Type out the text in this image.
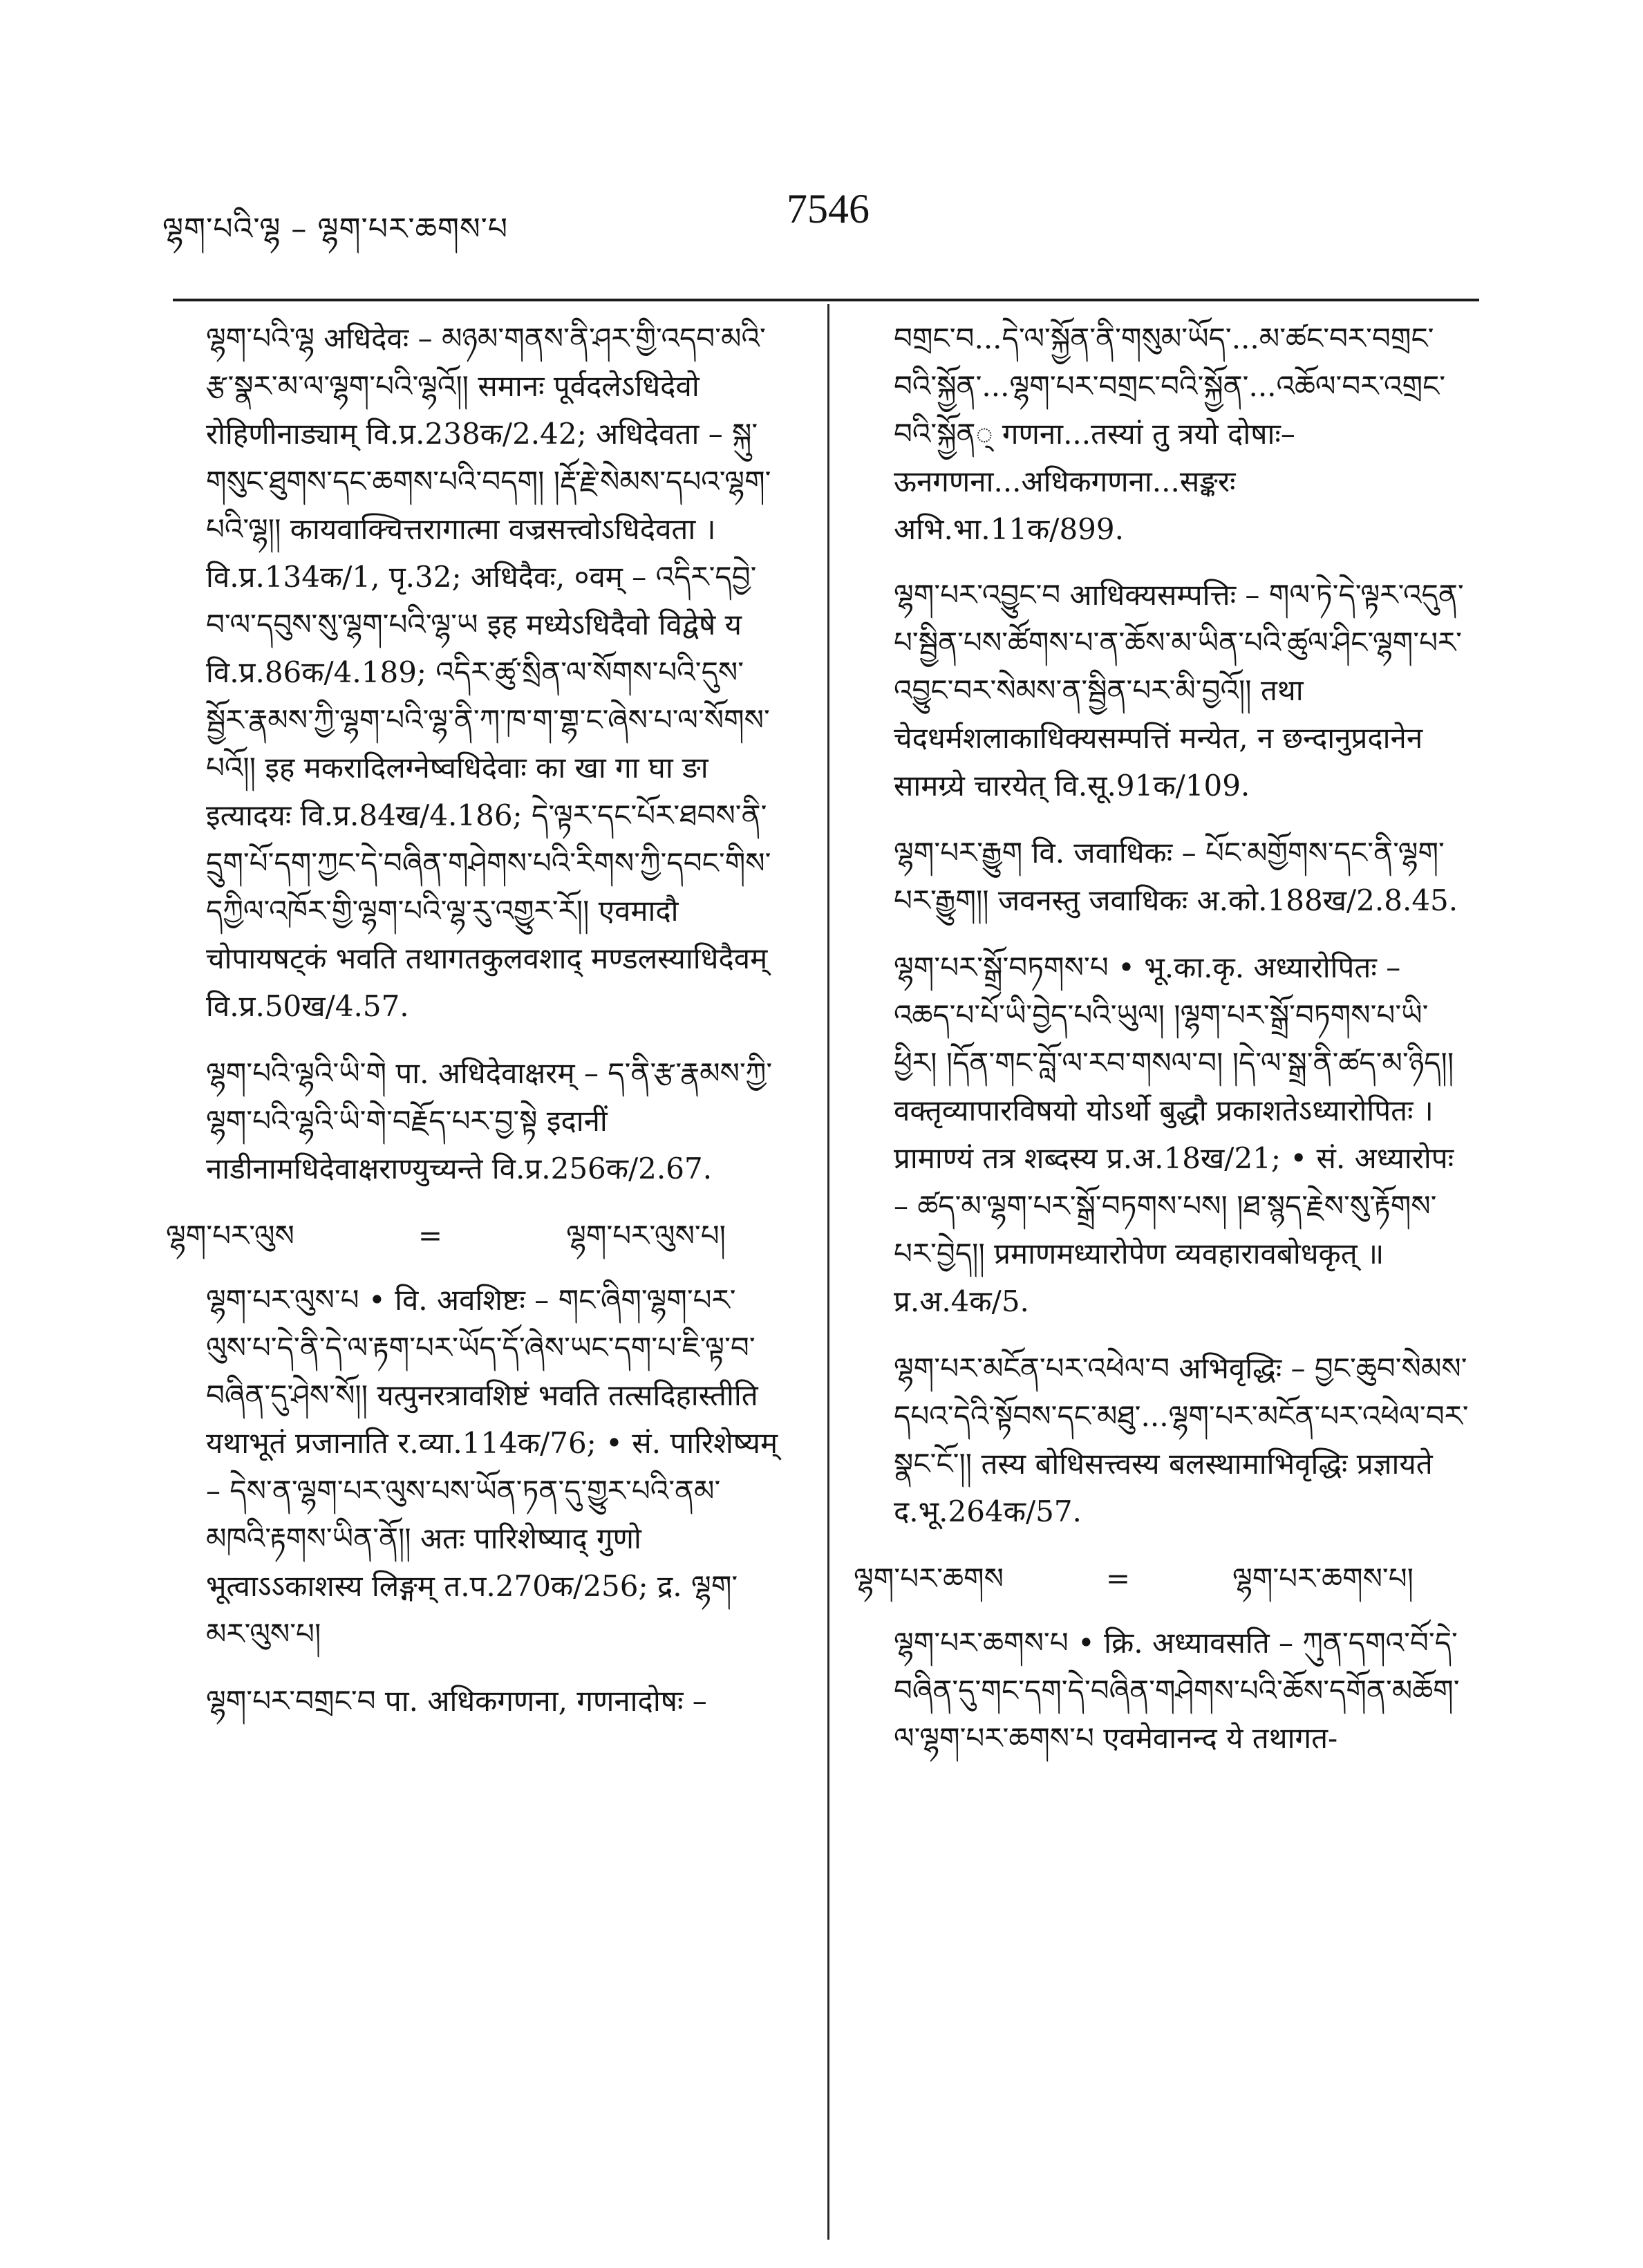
ལྷག་པའི་ལྷ – ལྷག་པར་ཆགས་པ	7546

ལྷག་པའི་ལྷ अधिदेवः – མཉམ་གནས་ནི་ཤར་གྱི་འདབ་མའི་རྩ་སྣར་མ་ལ་ལྷག་པའི་ལྷའོ།། समानः पूर्वदलेऽधिदेवो रोहिणीनाड्याम् वि.प्र.238क/2.42; अधिदेवता – སྐུ་གསུང་ཐུགས་དང་ཆགས་པའི་བདག། །རྡོ་རྗེ་སེམས་དཔའ་ལྷག་པའི་ལྷ།། कायवाक्चित्तरागात्मा वज्रसत्त्वोऽधिदेवता । वि.प्र.134क/1, पृ.32; अधिदैवः, ०वम् – འདིར་དབྱེ་བ་ལ་དབུས་སུ་ལྷག་པའི་ལྷ་ཡ इह मध्येऽधिदैवो विद्वेषे य वि.प्र.86क/4.189; འདིར་ཚུ་སྲིན་ལ་སོགས་པའི་དུས་སྦྱོར་རྣམས་ཀྱི་ལྷག་པའི་ལྷ་ནི་ཀ་ཁ་ག་གྷ་ང་ཞེས་པ་ལ་སོགས་པའོ།། इह मकरादिलग्नेष्वधिदेवाः का खा गा घा ङा इत्यादयः वि.प्र.84ख/4.186; དེ་ལྟར་དང་པོར་ཐབས་ནི་དྲུག་པོ་དག་ཀྱང་དེ་བཞིན་གཤེགས་པའི་རིགས་ཀྱི་དབང་གིས་དཀྱིལ་འཁོར་གྱི་ལྷག་པའི་ལྷ་རུ་འགྱུར་རོ།། एवमादौ चोपायषट्कं भवति तथागतकुलवशाद् मण्डलस्याधिदैवम् वि.प्र.50ख/4.57.

ལྷག་པའི་ལྷའི་ཡི་གེ पा. अधिदेवाक्षरम् – ད་ནི་རྩ་རྣམས་ཀྱི་ལྷག་པའི་ལྷའི་ཡི་གེ་བརྗོད་པར་བྱ་སྟེ इदानीं नाडीनामधिदेवाक्षराण्युच्यन्ते वि.प्र.256क/2.67.

ལྷག་པར་ལུས	=	ལྷག་པར་ལུས་པ།

ལྷག་པར་ལུས་པ • वि. अवशिष्टः – གང་ཞིག་ལྷག་པར་ལུས་པ་དེ་ནི་དེ་ལ་རྟག་པར་ཡོད་དོ་ཞེས་ཡང་དག་པ་ཇི་ལྟ་བ་བཞིན་དུ་ཤེས་སོ།། यत्पुनरत्रावशिष्टं भवति तत्सदिहास्तीति यथाभूतं प्रजानाति र.व्या.114क/76; • सं. पारिशेष्यम् – དེས་ན་ལྷག་པར་ལུས་པས་ཡོན་ཏན་དུ་གྱུར་པའི་ནམ་མཁའི་རྟགས་ཡིན་ནོ།། अतः पारिशेष्याद् गुणो भूत्वाऽऽकाशस्य लिङ्गम् त.प.270क/256; द्र. ལྷག་མར་ལུས་པ།

ལྷག་པར་བགྲང་བ पा. अधिकगणना, गणनादोषः –

བགྲང་བ...དེ་ལ་སྐྱོན་ནི་གསུམ་ཡོད་...མ་ཚང་བར་བགྲང་བའི་སྐྱོན་...ལྷག་པར་བགྲང་བའི་སྐྱོན་...འཆོལ་བར་འགྲང་བའི་སྐྱོན् गणना...तस्यां तु त्रयो दोषाः–ऊनगणना...अधिकगणना...सङ्करः अभि.भा.11क/899.

ལྷག་པར་འབྱུང་བ आधिक्यसम्पत्तिः – གལ་ཏེ་དེ་ལྟར་འདུན་པ་སྦྱིན་པས་ཚོགས་པ་ན་ཆོས་མ་ཡིན་པའི་ཚུལ་ཤིང་ལྷག་པར་འབྱུང་བར་སེམས་ན་སྦྱིན་པར་མི་བྱའོ།། तथा चेदधर्मशलाकाधिक्यसम्पत्तिं मन्येत, न छन्दानुप्रदानेन सामग्र्ये चारयेत् वि.सू.91क/109.

ལྷག་པར་རྒྱུག वि. जवाधिकः – པོང་མགྱོགས་དང་ནི་ལྷག་པར་རྒྱུག།། जवनस्तु जवाधिकः अ.को.188ख/2.8.45.

ལྷག་པར་སྒྲོ་བཏགས་པ • भू.का.कृ. अध्यारोपितः – འཆད་པ་པོ་ཡི་བྱེད་པའི་ཡུལ། །ལྷག་པར་སྒྲོ་བཏགས་པ་ཡི་ཕྱིར། །དོན་གང་བློ་ལ་རབ་གསལ་བ། །དེ་ལ་སྒྲ་ནི་ཚད་མ་ཉིད།། वक्तृव्यापारविषयो योऽर्थो बुद्धौ प्रकाशतेऽध्यारोपितः । प्रामाण्यं तत्र शब्दस्य प्र.अ.18ख/21; • सं. अध्यारोपः – ཚད་མ་ལྷག་པར་སྒྲོ་བཏགས་པས། །ཐ་སྙད་རྗེས་སུ་རྟོགས་པར་བྱེད།། प्रमाणमध्यारोपेण व्यवहारावबोधकृत् ॥ प्र.अ.4क/5.

ལྷག་པར་མངོན་པར་འཕེལ་བ अभिवृद्धिः – བྱང་ཆུབ་སེམས་དཔའ་དེའི་སྟོབས་དང་མཐུ་...ལྷག་པར་མངོན་པར་འཕེལ་བར་སྣང་ངོ་།། तस्य बोधिसत्त्वस्य बलस्थामाभिवृद्धिः प्रज्ञायते द.भू.264क/57.

ལྷག་པར་ཆགས	=	ལྷག་པར་ཆགས་པ།

ལྷག་པར་ཆགས་པ • क्रि. अध्यावसति – ཀུན་དགའ་བོ་དེ་བཞིན་དུ་གང་དག་དེ་བཞིན་གཤེགས་པའི་ཆོས་དགོན་མཆོག་ལ་ལྷག་པར་ཆགས་པ एवमेवानन्द ये तथागत-
